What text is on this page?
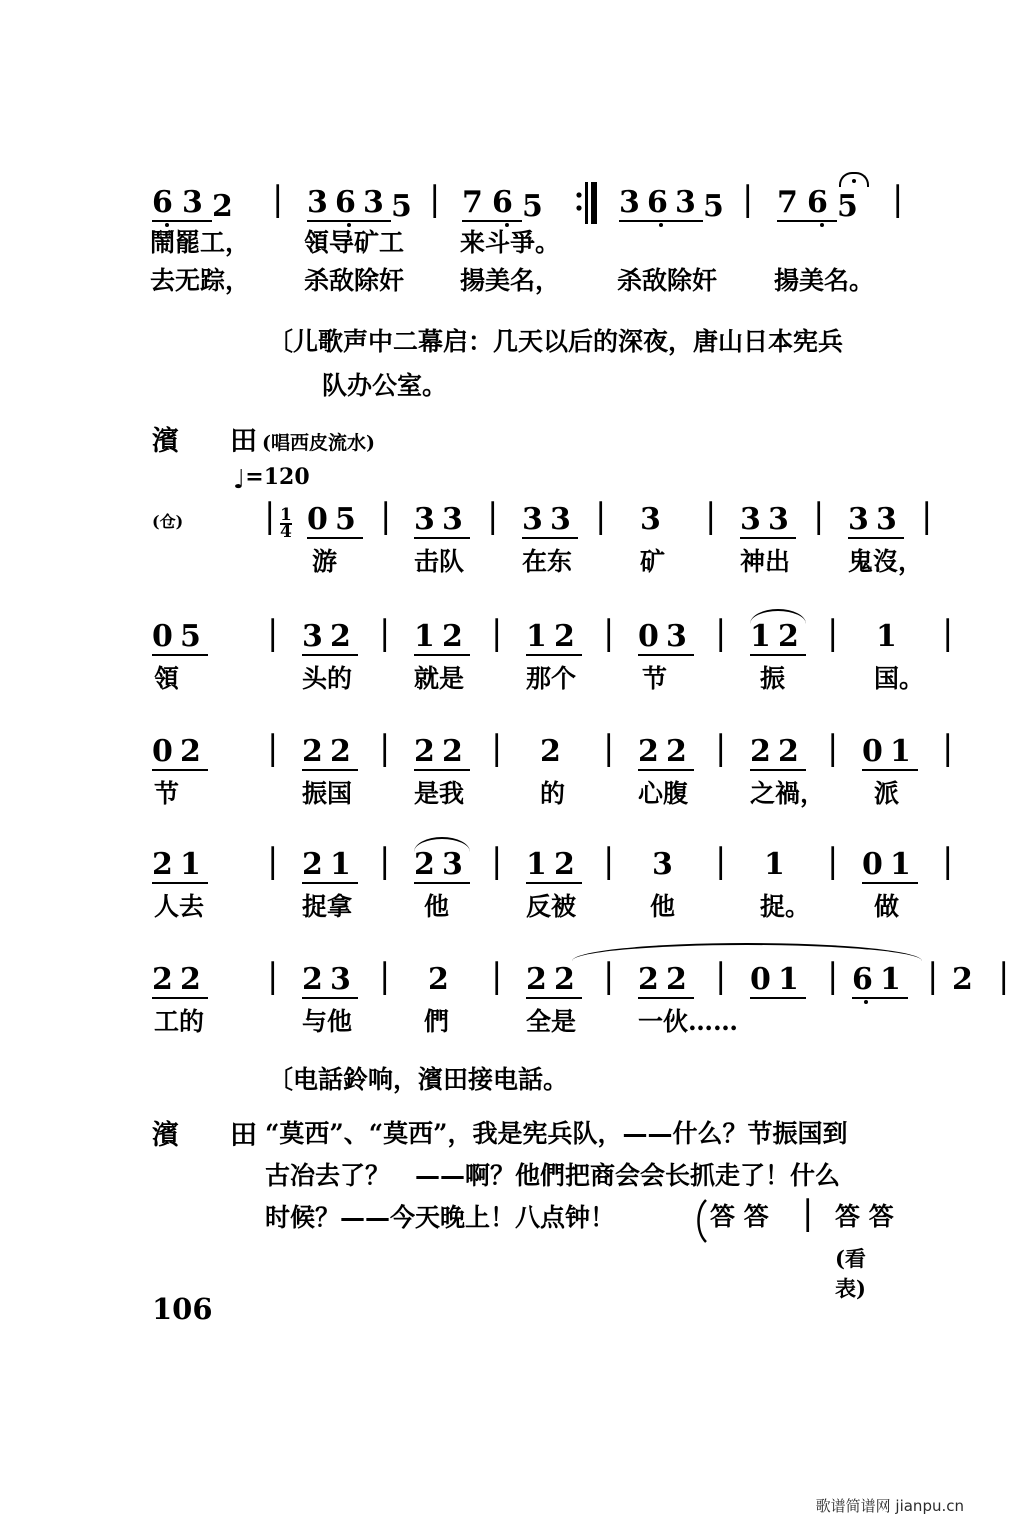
6 3 2 | 3 6 3 5 | 7 6 5	3 6 3 5 | 7 6 5 |
鬧罷工， 領导矿工 来斗爭。
去无踪， 杀敌除奸 揚美名， 杀敌除奸 揚美名。
〔儿歌声中二幕启：几天以后的深夜，唐山日本宪兵
队办公室。
濱　田
(唱西皮流水)
♩=120
(仓) | $\frac{1}{4} 0$ 5 | 3 3 | 3 3 | 3 | 3 3 | 3 3 |
游	击队 在东	矿	神出 鬼沒，
0 5 | 3 2 | 1 2 | 1 2 | 0 3 | 1 2 | 1 |
領	头的 就是 那个	节	振	国。
0 2 | 2 2 | 2 2 | 2 | 2 2 | 2 2 | 0 1 |
节	振国 是我	的	心腹 之禍， 派
2 1 | 2 1 | 2 3 | 1 2 | 3 | 1 | 0 1 |
人去	捉拿	他	反被	他	捉。	做
2 2 | 2 3 | 2 | 2 2 | 2 2 | 0 1 | 6 1 | 2 |
工的	与他	們	全是 一伙……
〔电話鈴响，濱田接电話。
濱　田
“莫西”、“莫西”，我是宪兵队，——什么？节振国到
古冶去了？　——啊？他們把商会会长抓走了！什么
时候？——今天晚上！八点钟！	答 答 | 答 答
(看表)
106
歌谱简谱网 jianpu.cn
